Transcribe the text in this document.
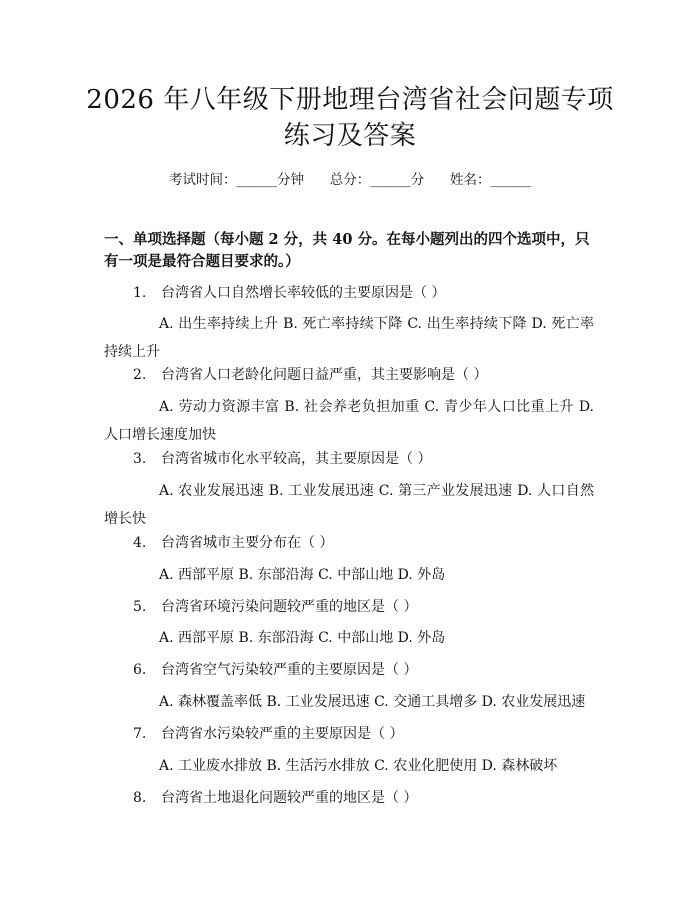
2026 年八年级下册地理台湾省社会问题专项
练习及答案
考试时间：______分钟      总分：______分      姓名：______
一、单项选择题（每小题 2 分，共 40 分。在每小题列出的四个选项中，只有一项是最符合题目要求的。）
1. 台湾省人口自然增长率较低的主要原因是（ ）
A. 出生率持续上升 B. 死亡率持续下降 C. 出生率持续下降 D. 死亡率持续上升
2. 台湾省人口老龄化问题日益严重，其主要影响是（ ）
A. 劳动力资源丰富 B. 社会养老负担加重 C. 青少年人口比重上升 D. 人口增长速度加快
3. 台湾省城市化水平较高，其主要原因是（ ）
A. 农业发展迅速 B. 工业发展迅速 C. 第三产业发展迅速 D. 人口自然增长快
4. 台湾省城市主要分布在（ ）
A. 西部平原 B. 东部沿海 C. 中部山地 D. 外岛
5. 台湾省环境污染问题较严重的地区是（ ）
A. 西部平原 B. 东部沿海 C. 中部山地 D. 外岛
6. 台湾省空气污染较严重的主要原因是（ ）
A. 森林覆盖率低 B. 工业发展迅速 C. 交通工具增多 D. 农业发展迅速
7. 台湾省水污染较严重的主要原因是（ ）
A. 工业废水排放 B. 生活污水排放 C. 农业化肥使用 D. 森林破坏
8. 台湾省土地退化问题较严重的地区是（ ）
